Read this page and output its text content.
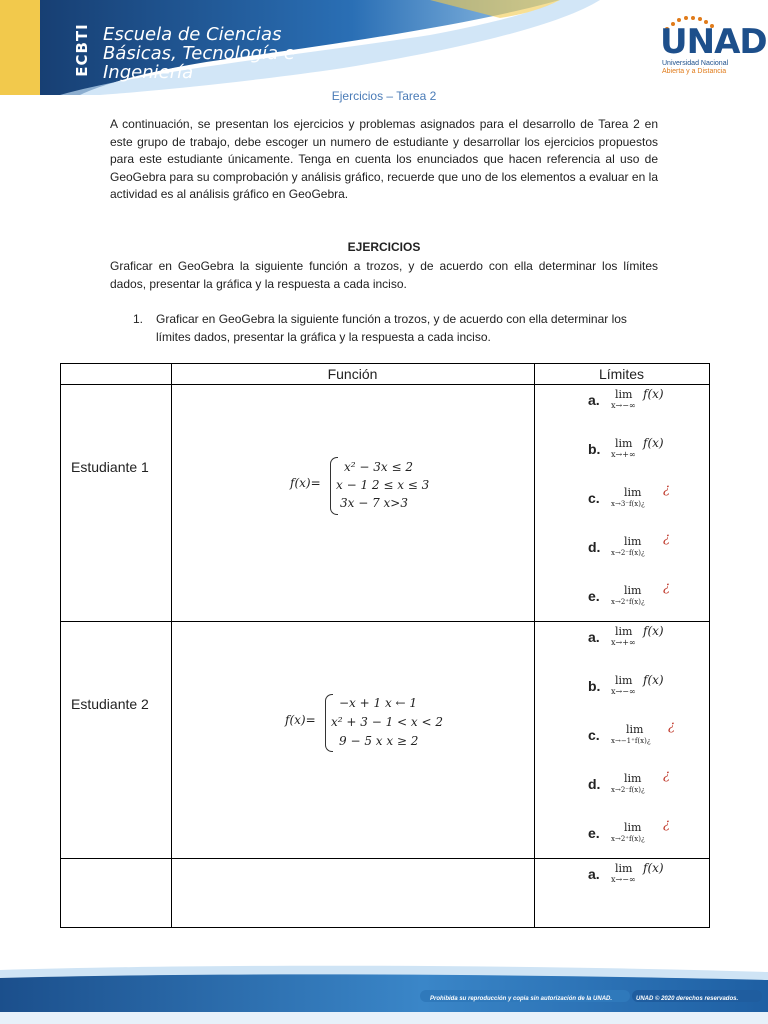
ECBTI Escuela de Ciencias
Básicas, Tecnología e
Ingeniería
UNAD
Universidad Nacional
Abierta y a Distancia
Ejercicios – Tarea 2
A continuación, se presentan los ejercicios y problemas asignados para el desarrollo de Tarea 2 en este grupo de trabajo, debe escoger un numero de estudiante y desarrollar los ejercicios propuestos para este estudiante únicamente. Tenga en cuenta los enunciados que hacen referencia al uso de GeoGebra para su comprobación y análisis gráfico, recuerde que uno de los elementos a evaluar en la actividad es al análisis gráfico en GeoGebra.
EJERCICIOS
Graficar en GeoGebra la siguiente función a trozos, y de acuerdo con ella determinar los límites dados, presentar la gráfica y la respuesta a cada inciso.
1. Graficar en GeoGebra la siguiente función a trozos, y de acuerdo con ella determinar los límites dados, presentar la gráfica y la respuesta a cada inciso.
Función	Límites
Estudiante 1
Estudiante 2
f(x)=
x² − 3x ≤ 2
x − 1 2 ≤ x ≤ 3
3x − 7 x>3
f(x)=
−x + 1 x ← 1
x² + 3 − 1 < x < 2
9 − 5 x x ≥ 2
a. lim
x→−∞
f(x)
b. lim
x→+∞
f(x)
c. lim
x→3⁻f(x)¿
¿
d. lim
x→2⁻f(x)¿
¿
e. lim
x→2⁺f(x)¿
¿
a. lim
x→+∞
f(x)
b. lim
x→−∞
f(x)
c. lim
x→−1⁺f(x)¿
¿
d. lim
x→2⁻f(x)¿
¿
e. lim
x→2⁺f(x)¿
¿
a. lim
x→−∞
f(x)
Prohibida su reproducción y copia sin autorización de la UNAD.	UNAD © 2020 derechos reservados.
